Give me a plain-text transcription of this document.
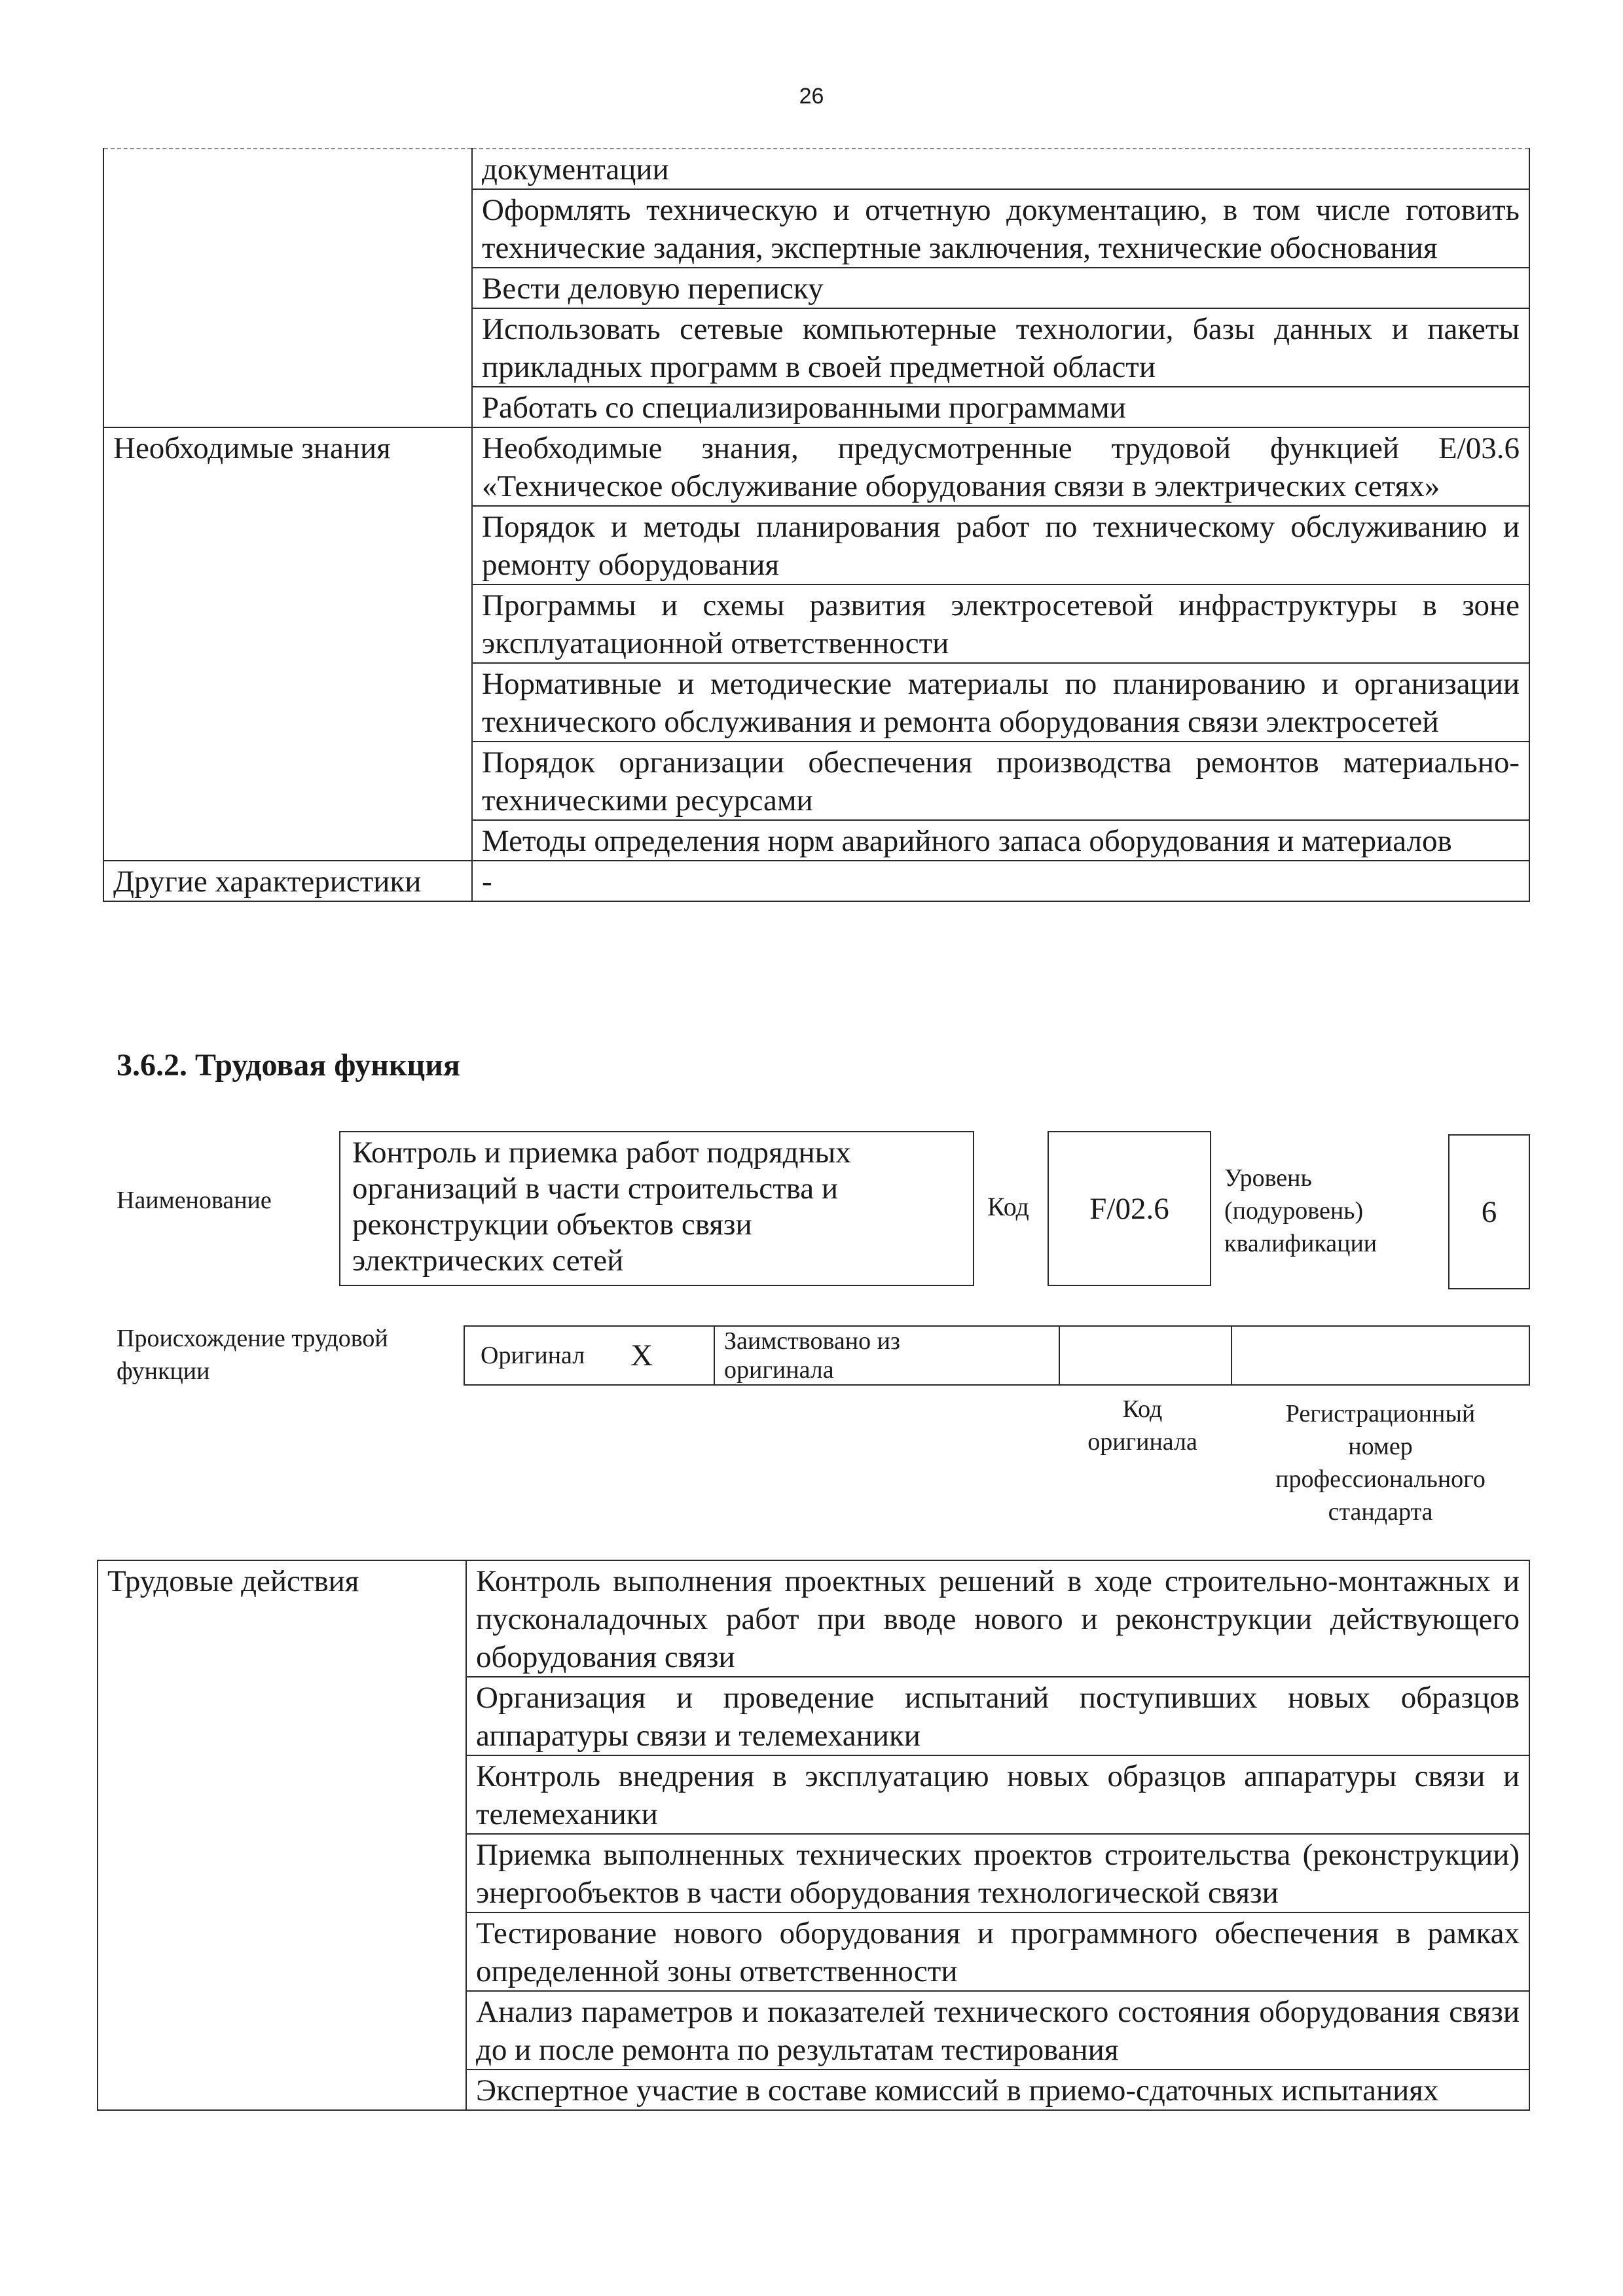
26
	документации
	Оформлять техническую и отчетную документацию, в том числе готовить технические задания, экспертные заключения, технические обоснования
	Вести деловую переписку
	Использовать сетевые компьютерные технологии, базы данных и пакеты прикладных программ в своей предметной области
	Работать со специализированными программами
Необходимые знания	Необходимые знания, предусмотренные трудовой функцией E/03.6 «Техническое обслуживание оборудования связи в электрических сетях»
	Порядок и методы планирования работ по техническому обслуживанию и ремонту оборудования
	Программы и схемы развития электросетевой инфраструктуры в зоне эксплуатационной ответственности
	Нормативные и методические материалы по планированию и организации технического обслуживания и ремонта оборудования связи электросетей
	Порядок организации обеспечения производства ремонтов материально-техническими ресурсами
	Методы определения норм аварийного запаса оборудования и материалов
Другие характеристики	-
3.6.2. Трудовая функция
Наименование
Контроль и приемка работ подрядных
организаций в части строительства и
реконструкции объектов связи
электрических сетей
Код F/02.6
Уровень
(подуровень)
квалификации
6
Происхождение трудовой
функции
Оригинал X	Заимствовано из
оригинала
Код
оригинала
Регистрационный
номер
профессионального
стандарта
Трудовые действия	Контроль выполнения проектных решений в ходе строительно-монтажных и пусконаладочных работ при вводе нового и реконструкции действующего оборудования связи
Организация и проведение испытаний поступивших новых образцов аппаратуры связи и телемеханики
Контроль внедрения в эксплуатацию новых образцов аппаратуры связи и телемеханики
Приемка выполненных технических проектов строительства (реконструкции) энергообъектов в части оборудования технологической связи
Тестирование нового оборудования и программного обеспечения в рамках определенной зоны ответственности
Анализ параметров и показателей технического состояния оборудования связи до и после ремонта по результатам тестирования
Экспертное участие в составе комиссий в приемо-сдаточных испытаниях
